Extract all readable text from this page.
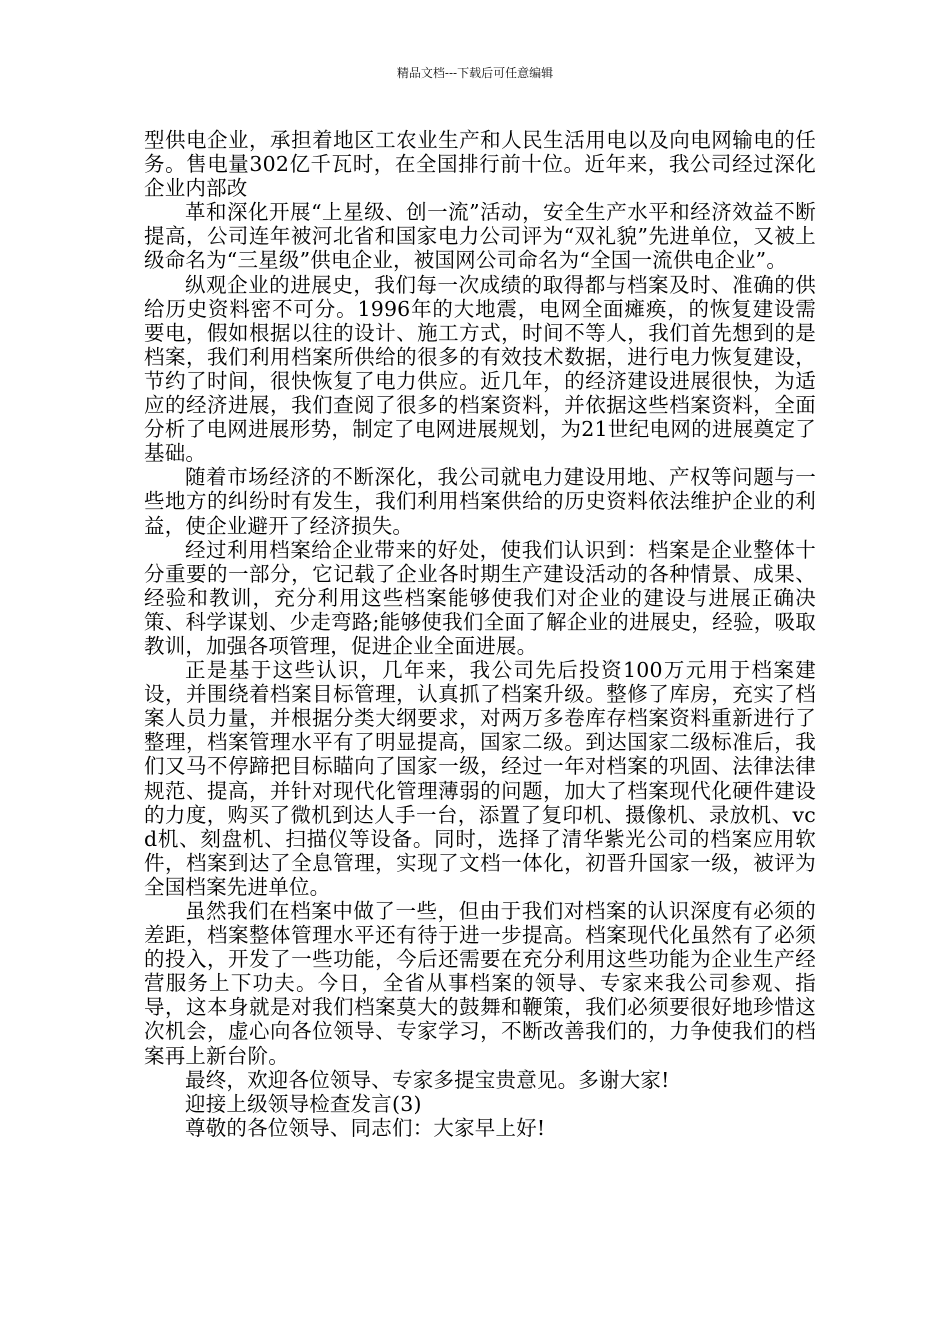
精品文档---下载后可任意编辑

型供电企业，承担着地区工农业生产和人民生活用电以及向电网输电的任务。售电量302亿千瓦时，在全国排行前十位。近年来，我公司经过深化企业内部改

革和深化开展“上星级、创一流”活动，安全生产水平和经济效益不断提高，公司连年被河北省和国家电力公司评为“双礼貌”先进单位，又被上级命名为“三星级”供电企业，被国网公司命名为“全国一流供电企业”。

纵观企业的进展史，我们每一次成绩的取得都与档案及时、准确的供给历史资料密不可分。1996年的大地震，电网全面瘫痪，的恢复建设需要电，假如根据以往的设计、施工方式，时间不等人，我们首先想到的是档案，我们利用档案所供给的很多的有效技术数据，进行电力恢复建设，节约了时间，很快恢复了电力供应。近几年，的经济建设进展很快，为适应的经济进展，我们查阅了很多的档案资料，并依据这些档案资料，全面分析了电网进展形势，制定了电网进展规划，为21世纪电网的进展奠定了基础。

随着市场经济的不断深化，我公司就电力建设用地、产权等问题与一些地方的纠纷时有发生，我们利用档案供给的历史资料依法维护企业的利益，使企业避开了经济损失。

经过利用档案给企业带来的好处，使我们认识到：档案是企业整体十分重要的一部分，它记载了企业各时期生产建设活动的各种情景、成果、经验和教训，充分利用这些档案能够使我们对企业的建设与进展正确决策、科学谋划、少走弯路;能够使我们全面了解企业的进展史，经验，吸取教训，加强各项管理，促进企业全面进展。

正是基于这些认识，几年来，我公司先后投资100万元用于档案建设，并围绕着档案目标管理，认真抓了档案升级。整修了库房，充实了档案人员力量，并根据分类大纲要求，对两万多卷库存档案资料重新进行了整理，档案管理水平有了明显提高，国家二级。到达国家二级标准后，我们又马不停蹄把目标瞄向了国家一级，经过一年对档案的巩固、法律法律规范、提高，并针对现代化管理薄弱的问题，加大了档案现代化硬件建设的力度，购买了微机到达人手一台，添置了复印机、摄像机、录放机、vcd机、刻盘机、扫描仪等设备。同时，选择了清华紫光公司的档案应用软件，档案到达了全息管理，实现了文档一体化，初晋升国家一级，被评为全国档案先进单位。

虽然我们在档案中做了一些，但由于我们对档案的认识深度有必须的差距，档案整体管理水平还有待于进一步提高。档案现代化虽然有了必须的投入，开发了一些功能，今后还需要在充分利用这些功能为企业生产经营服务上下功夫。今日，全省从事档案的领导、专家来我公司参观、指导，这本身就是对我们档案莫大的鼓舞和鞭策，我们必须要很好地珍惜这次机会，虚心向各位领导、专家学习，不断改善我们的，力争使我们的档案再上新台阶。

最终，欢迎各位领导、专家多提宝贵意见。多谢大家!

迎接上级领导检查发言(3)

尊敬的各位领导、同志们：大家早上好!
